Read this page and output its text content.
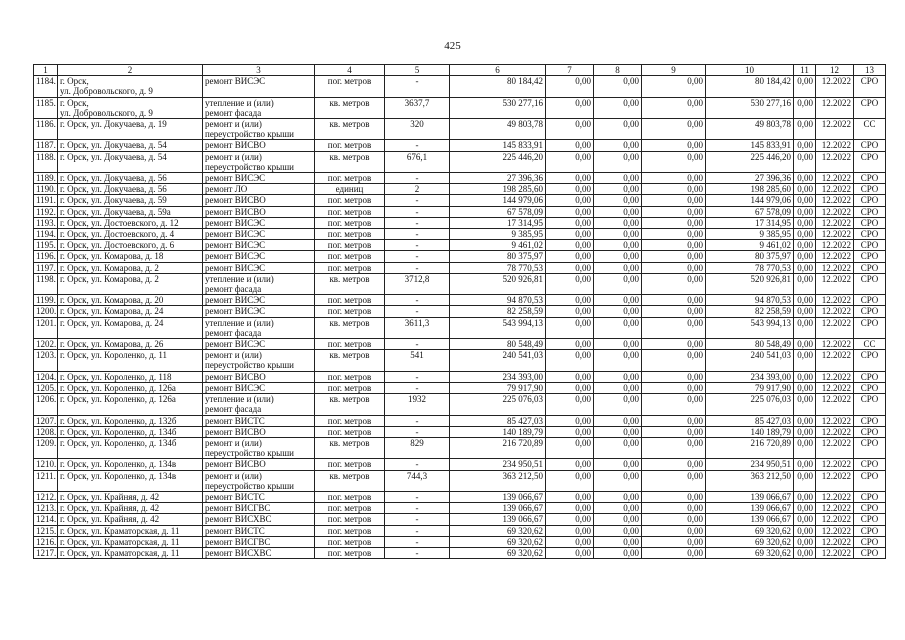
425
1	2	3	4	5	6	7	8	9	10	11	12	13
1184.	г. Орск,
ул. Добровольского, д. 9	ремонт ВИСЭС	пог. метров	-	80 184,42	0,00	0,00	0,00	80 184,42	0,00	12.2022	СРО
1185.	г. Орск,
ул. Добровольского, д. 9	утепление и (или)
ремонт фасада	кв. метров	3637,7	530 277,16	0,00	0,00	0,00	530 277,16	0,00	12.2022	СРО
1186.	г. Орск, ул. Докучаева, д. 19	ремонт и (или)
переустройство крыши	кв. метров	320	49 803,78	0,00	0,00	0,00	49 803,78	0,00	12.2022	СС
1187.	г. Орск, ул. Докучаева, д. 54	ремонт ВИСВО	пог. метров	-	145 833,91	0,00	0,00	0,00	145 833,91	0,00	12.2022	СРО
1188.	г. Орск, ул. Докучаева, д. 54	ремонт и (или)
переустройство крыши	кв. метров	676,1	225 446,20	0,00	0,00	0,00	225 446,20	0,00	12.2022	СРО
1189.	г. Орск, ул. Докучаева, д. 56	ремонт ВИСЭС	пог. метров	-	27 396,36	0,00	0,00	0,00	27 396,36	0,00	12.2022	СРО
1190.	г. Орск, ул. Докучаева, д. 56	ремонт ЛО	единиц	2	198 285,60	0,00	0,00	0,00	198 285,60	0,00	12.2022	СРО
1191.	г. Орск, ул. Докучаева, д. 59	ремонт ВИСВО	пог. метров	-	144 979,06	0,00	0,00	0,00	144 979,06	0,00	12.2022	СРО
1192.	г. Орск, ул. Докучаева, д. 59а	ремонт ВИСВО	пог. метров	-	67 578,09	0,00	0,00	0,00	67 578,09	0,00	12.2022	СРО
1193.	г. Орск, ул. Достоевского, д. 12	ремонт ВИСЭС	пог. метров	-	17 314,95	0,00	0,00	0,00	17 314,95	0,00	12.2022	СРО
1194.	г. Орск, ул. Достоевского, д. 4	ремонт ВИСЭС	пог. метров	-	9 385,95	0,00	0,00	0,00	9 385,95	0,00	12.2022	СРО
1195.	г. Орск, ул. Достоевского, д. 6	ремонт ВИСЭС	пог. метров	-	9 461,02	0,00	0,00	0,00	9 461,02	0,00	12.2022	СРО
1196.	г. Орск, ул. Комарова, д. 18	ремонт ВИСЭС	пог. метров	-	80 375,97	0,00	0,00	0,00	80 375,97	0,00	12.2022	СРО
1197.	г. Орск, ул. Комарова, д. 2	ремонт ВИСЭС	пог. метров	-	78 770,53	0,00	0,00	0,00	78 770,53	0,00	12.2022	СРО
1198.	г. Орск, ул. Комарова, д. 2	утепление и (или)
ремонт фасада	кв. метров	3712,8	520 926,81	0,00	0,00	0,00	520 926,81	0,00	12.2022	СРО
1199.	г. Орск, ул. Комарова, д. 20	ремонт ВИСЭС	пог. метров	-	94 870,53	0,00	0,00	0,00	94 870,53	0,00	12.2022	СРО
1200.	г. Орск, ул. Комарова, д. 24	ремонт ВИСЭС	пог. метров	-	82 258,59	0,00	0,00	0,00	82 258,59	0,00	12.2022	СРО
1201.	г. Орск, ул. Комарова, д. 24	утепление и (или)
ремонт фасада	кв. метров	3611,3	543 994,13	0,00	0,00	0,00	543 994,13	0,00	12.2022	СРО
1202.	г. Орск, ул. Комарова, д. 26	ремонт ВИСЭС	пог. метров	-	80 548,49	0,00	0,00	0,00	80 548,49	0,00	12.2022	СС
1203.	г. Орск, ул. Короленко, д. 11	ремонт и (или)
переустройство крыши	кв. метров	541	240 541,03	0,00	0,00	0,00	240 541,03	0,00	12.2022	СРО
1204.	г. Орск, ул. Короленко, д. 118	ремонт ВИСВО	пог. метров	-	234 393,00	0,00	0,00	0,00	234 393,00	0,00	12.2022	СРО
1205.	г. Орск, ул. Короленко, д. 126а	ремонт ВИСЭС	пог. метров	-	79 917,90	0,00	0,00	0,00	79 917,90	0,00	12.2022	СРО
1206.	г. Орск, ул. Короленко, д. 126а	утепление и (или)
ремонт фасада	кв. метров	1932	225 076,03	0,00	0,00	0,00	225 076,03	0,00	12.2022	СРО
1207.	г. Орск, ул. Короленко, д. 132б	ремонт ВИСТС	пог. метров	-	85 427,03	0,00	0,00	0,00	85 427,03	0,00	12.2022	СРО
1208.	г. Орск, ул. Короленко, д. 134б	ремонт ВИСВО	пог. метров	-	140 189,79	0,00	0,00	0,00	140 189,79	0,00	12.2022	СРО
1209.	г. Орск, ул. Короленко, д. 134б	ремонт и (или)
переустройство крыши	кв. метров	829	216 720,89	0,00	0,00	0,00	216 720,89	0,00	12.2022	СРО
1210.	г. Орск, ул. Короленко, д. 134в	ремонт ВИСВО	пог. метров	-	234 950,51	0,00	0,00	0,00	234 950,51	0,00	12.2022	СРО
1211.	г. Орск, ул. Короленко, д. 134в	ремонт и (или)
переустройство крыши	кв. метров	744,3	363 212,50	0,00	0,00	0,00	363 212,50	0,00	12.2022	СРО
1212.	г. Орск, ул. Крайняя, д. 42	ремонт ВИСТС	пог. метров	-	139 066,67	0,00	0,00	0,00	139 066,67	0,00	12.2022	СРО
1213.	г. Орск, ул. Крайняя, д. 42	ремонт ВИСГВС	пог. метров	-	139 066,67	0,00	0,00	0,00	139 066,67	0,00	12.2022	СРО
1214.	г. Орск, ул. Крайняя, д. 42	ремонт ВИСХВС	пог. метров	-	139 066,67	0,00	0,00	0,00	139 066,67	0,00	12.2022	СРО
1215.	г. Орск, ул. Краматорская, д. 11	ремонт ВИСТС	пог. метров	-	69 320,62	0,00	0,00	0,00	69 320,62	0,00	12.2022	СРО
1216.	г. Орск, ул. Краматорская, д. 11	ремонт ВИСГВС	пог. метров	-	69 320,62	0,00	0,00	0,00	69 320,62	0,00	12.2022	СРО
1217.	г. Орск, ул. Краматорская, д. 11	ремонт ВИСХВС	пог. метров	-	69 320,62	0,00	0,00	0,00	69 320,62	0,00	12.2022	СРО
